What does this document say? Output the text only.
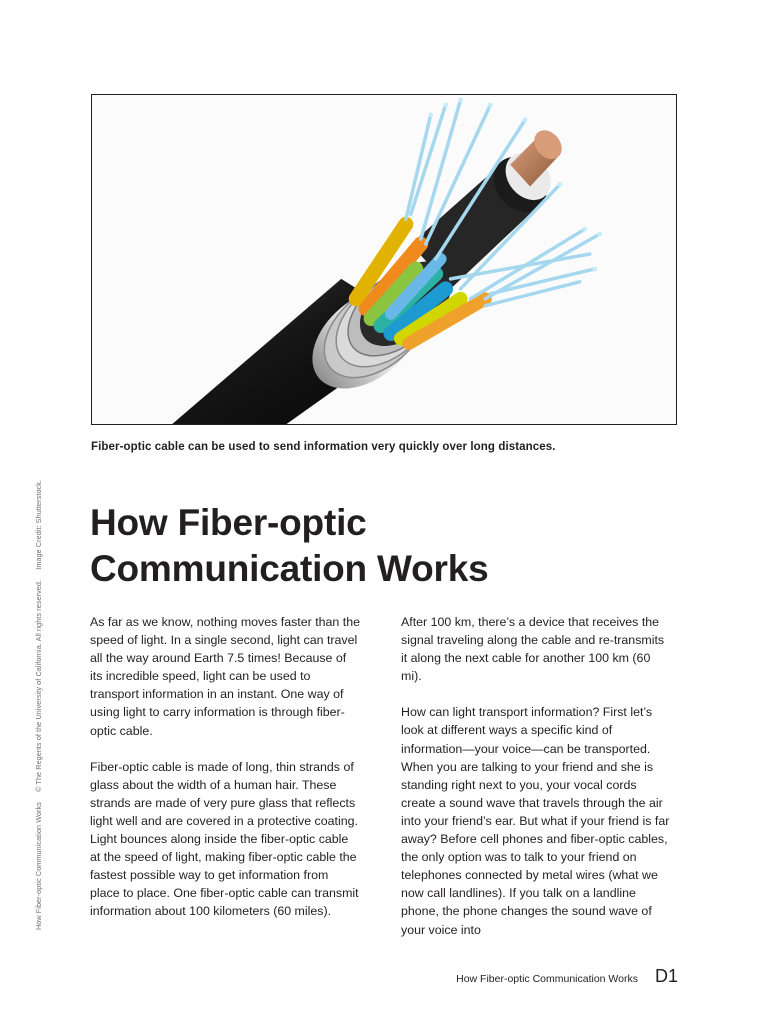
Fiber-optic cable can be used to send information very quickly over long distances.
How Fiber-optic Communication Works © The Regents of the University of California. All rights reserved. Image Credit: Shutterstock. How Fiber-optic
Communication Works

As far as we know, nothing moves faster than the speed of light. In a single second, light can travel all the way around Earth 7.5 times! Because of its incredible speed, light can be used to transport information in an instant. One way of using light to carry information is through fiber-optic cable.

Fiber-optic cable is made of long, thin strands of glass about the width of a human hair. These strands are made of very pure glass that reflects light well and are covered in a protective coating. Light bounces along inside the fiber-optic cable at the speed of light, making fiber-optic cable the fastest possible way to get information from place to place. One fiber-optic cable can transmit information about 100 kilometers (60 miles).

After 100 km, there’s a device that receives the signal traveling along the cable and re-transmits it along the next cable for another 100 km (60 mi).

How can light transport information? First let’s look at different ways a specific kind of information—your voice—can be transported. When you are talking to your friend and she is standing right next to you, your vocal cords create a sound wave that travels through the air into your friend’s ear. But what if your friend is far away? Before cell phones and fiber-optic cables, the only option was to talk to your friend on telephones connected by metal wires (what we now call landlines). If you talk on a landline phone, the phone changes the sound wave of your voice into

How Fiber-optic Communication Works D1
